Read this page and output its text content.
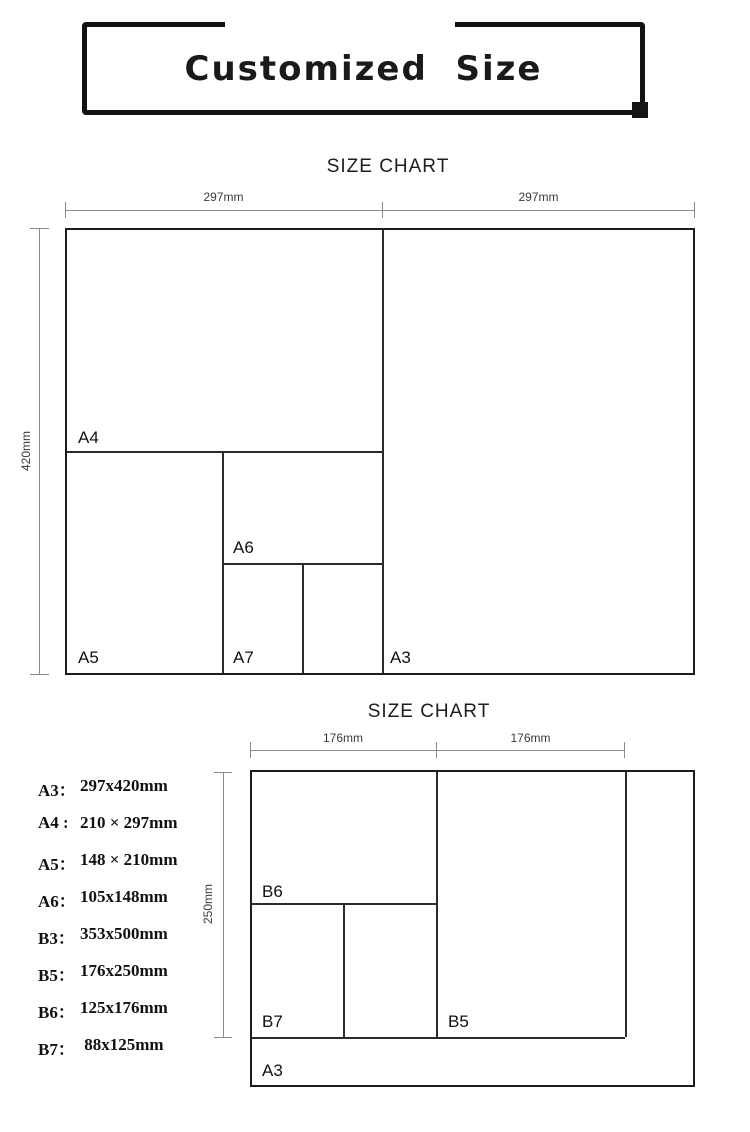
Customized  Size
SIZE CHART
297mm	297mm
420mm	A4
A5
A6
A7	A3
SIZE CHART
176mm	176mm
250mm	B6
B7	B5
A3
A3： 297x420mm
A4 : 210 × 297mm
A5： 148 × 210mm
A6： 105x148mm
B3： 353x500mm
B5： 176x250mm
B6： 125x176mm
B7： 88x125mm
